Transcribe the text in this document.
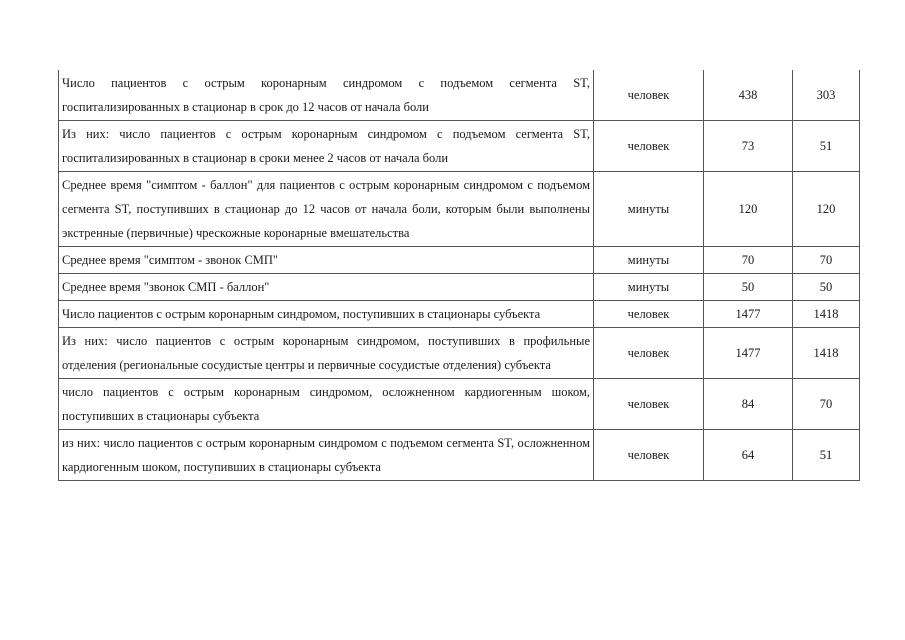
Число пациентов с острым коронарным синдромом с подъемом сегмента ST, госпитализированных в стационар в срок до 12 часов от начала боли	человек	438	303
Из них: число пациентов с острым коронарным синдромом с подъемом сегмента ST, госпитализированных в стационар в сроки менее 2 часов от начала боли	человек	73	51
Среднее время "симптом - баллон" для пациентов с острым коронарным синдромом с подъемом сегмента ST, поступивших в стационар до 12 часов от начала боли, которым были выполнены экстренные (первичные) чрескожные коронарные вмешательства	минуты	120	120
Среднее время "симптом - звонок СМП"	минуты	70	70
Среднее время "звонок СМП - баллон"	минуты	50	50
Число пациентов с острым коронарным синдромом, поступивших в стационары субъекта	человек	1477	1418
Из них: число пациентов с острым коронарным синдромом, поступивших в профильные отделения (региональные сосудистые центры и первичные сосудистые отделения) субъекта	человек	1477	1418
число пациентов с острым коронарным синдромом, осложненном кардиогенным шоком, поступивших в стационары субъекта	человек	84	70
из них: число пациентов с острым коронарным синдромом с подъемом сегмента ST, осложненном кардиогенным шоком, поступивших в стационары субъекта	человек	64	51
